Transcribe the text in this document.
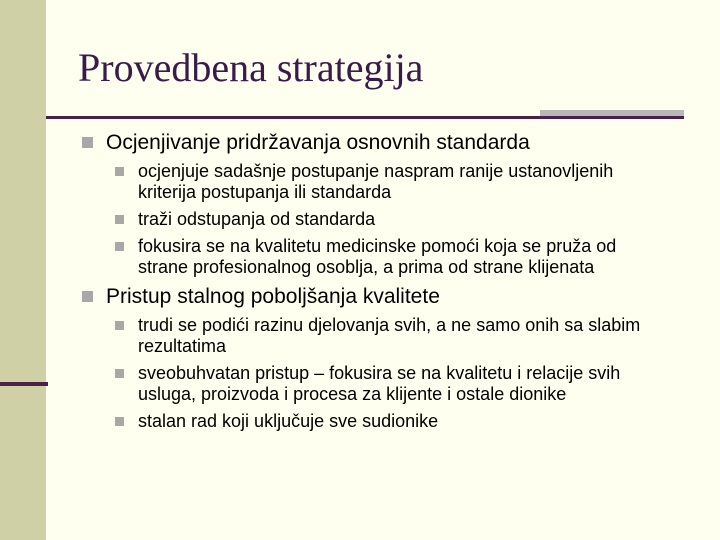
Provedbena strategija

Ocjenjivanje pridržavanja osnovnih standarda

ocjenjuje sadašnje postupanje naspram ranije ustanovljenih kriterija postupanja ili standarda

traži odstupanja od standarda

fokusira se na kvalitetu medicinske pomoći koja se pruža od strane profesionalnog osoblja, a prima od strane klijenata

Pristup stalnog poboljšanja kvalitete

trudi se podići razinu djelovanja svih, a ne samo onih sa slabim rezultatima

sveobuhvatan pristup – fokusira se na kvalitetu i relacije svih usluga, proizvoda i procesa za klijente i ostale dionike

stalan rad koji uključuje sve sudionike
